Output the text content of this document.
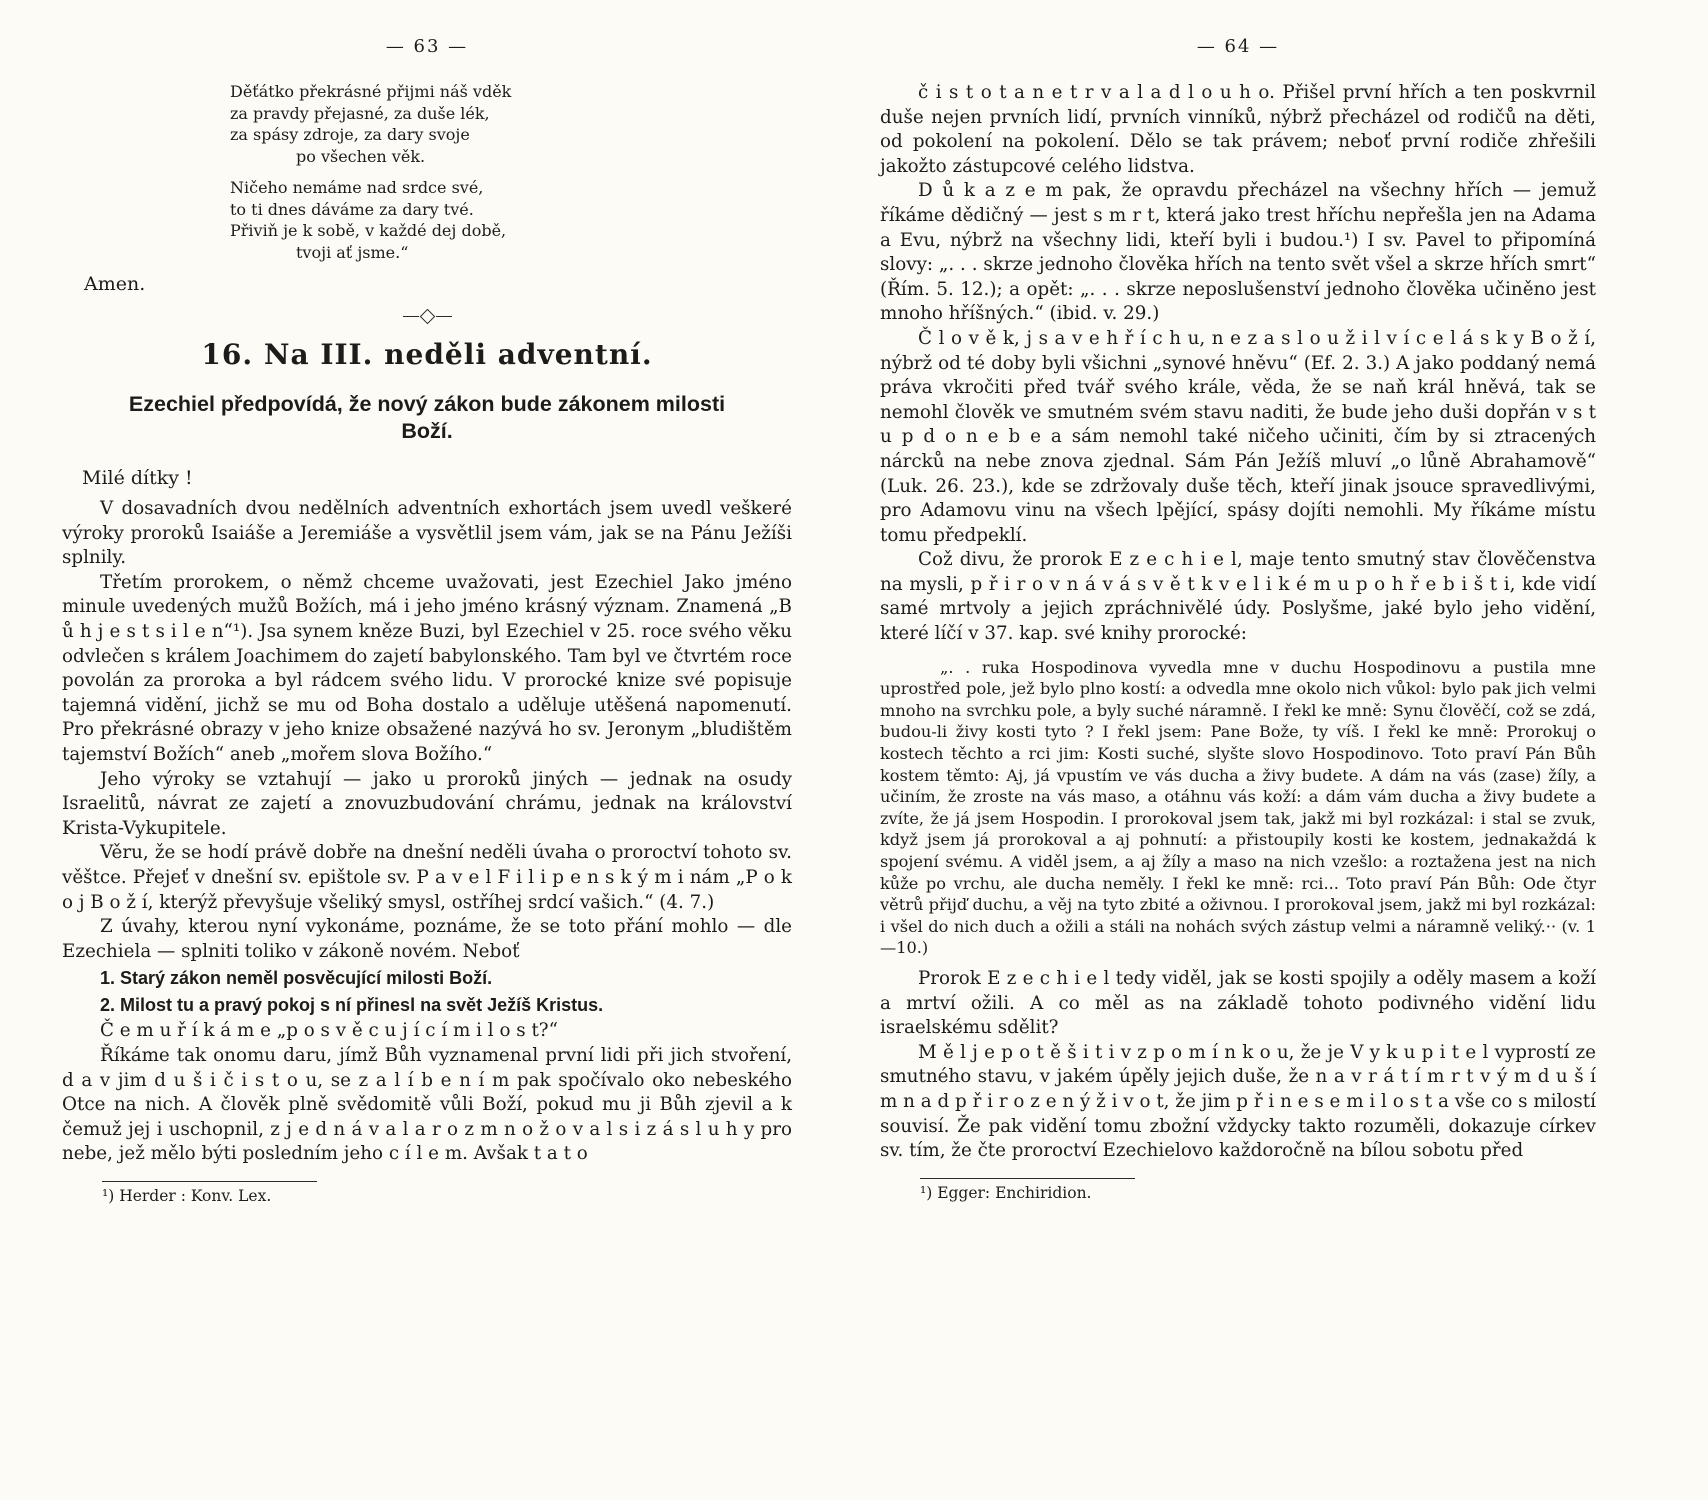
— 63 —
Děťátko překrásné přijmi náš vděk
za pravdy přejasné, za duše lék,
za spásy zdroje, za dary svoje
po všechen věk.
Ničeho nemáme nad srdce své,
to ti dnes dáváme za dary tvé.
Přiviň je k sobě, v každé dej době,
tvoji ať jsme.“
Amen.
16. Na III. neděli adventní.
Ezechiel předpovídá, že nový zákon bude zákonem milosti Boží.
Milé dítky !

V dosavadních dvou nedělních adventních exhortách jsem uvedl veškeré výroky proroků Isaiáše a Jeremiáše a vysvětlil jsem vám, jak se na Pánu Ježíši splnily.

Třetím prorokem, o němž chceme uvažovati, jest Ezechiel Jako jméno minule uvedených mužů Božích, má i jeho jméno krásný význam. Znamená „B ů h j e s t s i l e n“¹). Jsa synem kněze Buzi, byl Ezechiel v 25. roce svého věku odvlečen s králem Joachimem do zajetí babylonského. Tam byl ve čtvrtém roce povolán za proroka a byl rádcem svého lidu. V prorocké knize své popisuje tajemná vidění, jichž se mu od Boha dostalo a uděluje utěšená napomenutí. Pro překrásné obrazy v jeho knize obsažené nazývá ho sv. Jeronym „bludištěm tajemství Božích“ aneb „mořem slova Božího.“

Jeho výroky se vztahují — jako u proroků jiných — jednak na osudy Israelitů, návrat ze zajetí a znovuzbudování chrámu, jednak na království Krista-Vykupitele.

Věru, že se hodí právě dobře na dnešní neděli úvaha o proroctví tohoto sv. věštce. Přejeť v dnešní sv. epištole sv. P a v e l F i l i p e n s k ý m i nám „P o k o j B o ž í, kterýž převyšuje všeliký smysl, ostříhej srdcí vašich.“ (4. 7.)

Z úvahy, kterou nyní vykonáme, poznáme, že se toto přání mohlo — dle Ezechiela — splniti toliko v zákoně novém. Neboť

1. Starý zákon neměl posvěcující milosti Boží.

2. Milost tu a pravý pokoj s ní přinesl na svět Ježíš Kristus.

Č e m u ř í k á m e „p o s v ě c u j í c í m i l o s t?“

Říkáme tak onomu daru, jímž Bůh vyznamenal první lidi při jich stvoření, d a v jim d u š i č i s t o u, se z a l í b e n í m pak spočívalo oko nebeského Otce na nich. A člověk plně svědomitě vůli Boží, pokud mu ji Bůh zjevil a k čemuž jej i uschopnil, z j e d n á v a l a r o z m n o ž o v a l s i z á s l u h y pro nebe, jež mělo býti posledním jeho c í l e m. Avšak t a t o

¹) Herder : Konv. Lex.
— 64 —

č i s t o t a n e t r v a l a d l o u h o. Přišel první hřích a ten poskvrnil duše nejen prvních lidí, prvních vinníků, nýbrž přecházel od rodičů na děti, od pokolení na pokolení. Dělo se tak právem; neboť první rodiče zhřešili jakožto zástupcové celého lidstva.

D ů k a z e m pak, že opravdu přecházel na všechny hřích — jemuž říkáme dědičný — jest s m r t, která jako trest hříchu nepřešla jen na Adama a Evu, nýbrž na všechny lidi, kteří byli i budou.¹) I sv. Pavel to připomíná slovy: „. . . skrze jednoho člověka hřích na tento svět všel a skrze hřích smrt“ (Řím. 5. 12.); a opět: „. . . skrze neposlušenství jednoho člověka učiněno jest mnoho hříšných.“ (ibid. v. 29.)

Č l o v ě k, j s a v e h ř í c h u, n e z a s l o u ž i l v í c e l á s k y B o ž í, nýbrž od té doby byli všichni „synové hněvu“ (Ef. 2. 3.) A jako poddaný nemá práva vkročiti před tvář svého krále, věda, že se naň král hněvá, tak se nemohl člověk ve smutném svém stavu naditi, že bude jeho duši dopřán v s t u p d o n e b e a sám nemohl také ničeho učiniti, čím by si ztracených nárcků na nebe znova zjednal. Sám Pán Ježíš mluví „o lůně Abrahamově“ (Luk. 26. 23.), kde se zdržovaly duše těch, kteří jinak jsouce spravedlivými, pro Adamovu vinu na všech lpějící, spásy dojíti nemohli. My říkáme místu tomu předpeklí.

Což divu, že prorok E z e c h i e l, maje tento smutný stav člověčenstva na mysli, p ř i r o v n á v á s v ě t k v e l i k é m u p o h ř e b i š t i, kde vidí samé mrtvoly a jejich zpráchnivělé údy. Poslyšme, jaké bylo jeho vidění, které líčí v 37. kap. své knihy prorocké:

„. . ruka Hospodinova vyvedla mne v duchu Hospodinovu a pustila mne uprostřed pole, jež bylo plno kostí: a odvedla mne okolo nich vůkol: bylo pak jich velmi mnoho na svrchku pole, a byly suché náramně. I řekl ke mně: Synu člověčí, což se zdá, budou-li živy kosti tyto ? I řekl jsem: Pane Bože, ty víš. I řekl ke mně: Prorokuj o kostech těchto a rci jim: Kosti suché, slyšte slovo Hospodinovo. Toto praví Pán Bůh kostem těmto: Aj, já vpustím ve vás ducha a živy budete. A dám na vás (zase) žíly, a učiním, že zroste na vás maso, a otáhnu vás koží: a dám vám ducha a živy budete a zvíte, že já jsem Hospodin. I prorokoval jsem tak, jakž mi byl rozkázal: i stal se zvuk, když jsem já prorokoval a aj pohnutí: a přistoupily kosti ke kostem, jednakaždá k spojení svému. A viděl jsem, a aj žíly a maso na nich vzešlo: a roztažena jest na nich kůže po vrchu, ale ducha neměly. I řekl ke mně: rci... Toto praví Pán Bůh: Ode čtyr větrů přijď duchu, a věj na tyto zbité a oživnou. I prorokoval jsem, jakž mi byl rozkázal: i všel do nich duch a ožili a stáli na nohách svých zástup velmi a náramně veliký.·· (v. 1—10.)

Prorok E z e c h i e l tedy viděl, jak se kosti spojily a oděly masem a koží a mrtví ožili. A co měl as na základě tohoto podivného vidění lidu israelskému sdělit?

M ě l j e p o t ě š i t i v z p o m í n k o u, že je V y k u p i t e l vyprostí ze smutného stavu, v jakém úpěly jejich duše, že n a v r á t í m r t v ý m d u š í m n a d p ř i r o z e n ý ž i v o t, že jim p ř i n e s e m i l o s t a vše co s milostí souvisí. Že pak vidění tomu zbožní vždycky takto rozuměli, dokazuje církev sv. tím, že čte proroctví Ezechielovo každoročně na bílou sobotu před

¹) Egger: Enchiridion.
